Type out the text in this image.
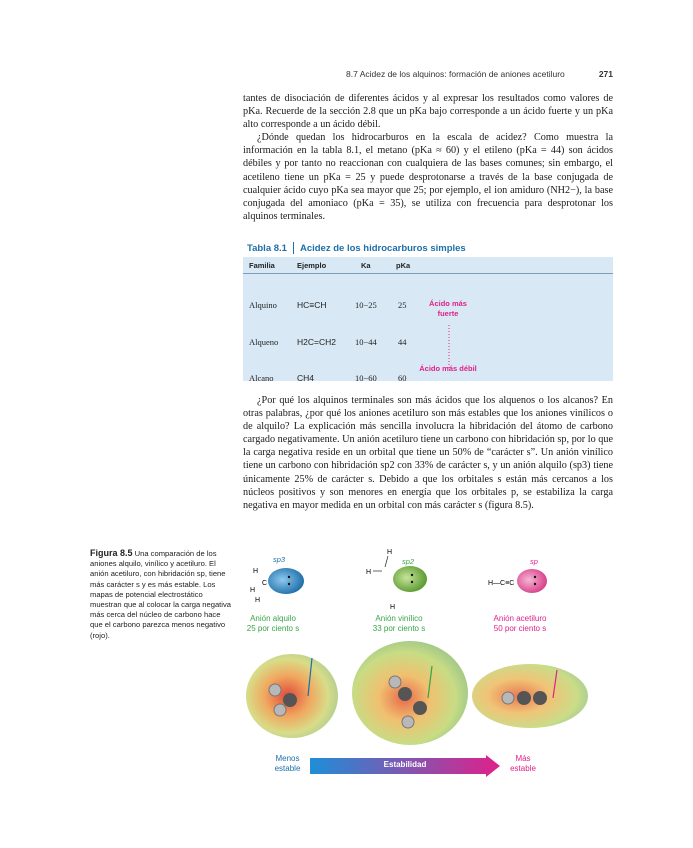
8.7 Acidez de los alquinos: formación de aniones acetiluro	271

tantes de disociación de diferentes ácidos y al expresar los resultados como valores de pKa. Recuerde de la sección 2.8 que un pKa bajo corresponde a un ácido fuerte y un pKa alto corresponde a un ácido débil.

¿Dónde quedan los hidrocarburos en la escala de acidez? Como muestra la información en la tabla 8.1, el metano (pKa ≈ 60) y el etileno (pKa = 44) son ácidos débiles y por tanto no reaccionan con cualquiera de las bases comunes; sin embargo, el acetileno tiene un pKa = 25 y puede desprotonarse a través de la base conjugada de cualquier ácido cuyo pKa sea mayor que 25; por ejemplo, el ion amiduro (NH2−), la base conjugada del amoniaco (pKa = 35), se utiliza con frecuencia para desprotonar los alquinos terminales.

Tabla 8.1 Acidez de los hidrocarburos simples
Familia	Ejemplo	Ka	pKa
Alquino HC≡CH	10−25 25
Alqueno H2C=CH2 10−44 44
Alcano	CH4	10−60 60
Ácido más fuerte
Ácido más débil

¿Por qué los alquinos terminales son más ácidos que los alquenos o los alcanos? En otras palabras, ¿por qué los aniones acetiluro son más estables que los aniones vinílicos o de alquilo? La explicación más sencilla involucra la hibridación del átomo de carbono cargado negativamente. Un anión acetiluro tiene un carbono con hibridación sp, por lo que la carga negativa reside en un orbital que tiene un 50% de “carácter s”. Un anión vinílico tiene un carbono con hibridación sp2 con 33% de carácter s, y un anión alquilo (sp3) tiene únicamente 25% de carácter s. Debido a que los orbitales s están más cercanos a los núcleos positivos y son menores en energía que los orbitales p, se estabiliza la carga negativa en mayor medida en un orbital con más carácter s (figura 8.5).

Figura 8.5 Una comparación de los aniones alquilo, vinílico y acetiluro. El anión acetiluro, con hibridación sp, tiene más carácter s y es más estable. Los mapas de potencial electrostático muestran que al colocar la carga negativa más cerca del núcleo de carbono hace que el carbono parezca menos negativo (rojo).
H
H
H
C
H
H
H
H—C≡C
sp3	sp2	sp
Anión alquilo
25 por ciento s
Anión vinílico
33 por ciento s
Anión acetiluro
50 por ciento s
Menos estable	Estabilidad
Más estable
